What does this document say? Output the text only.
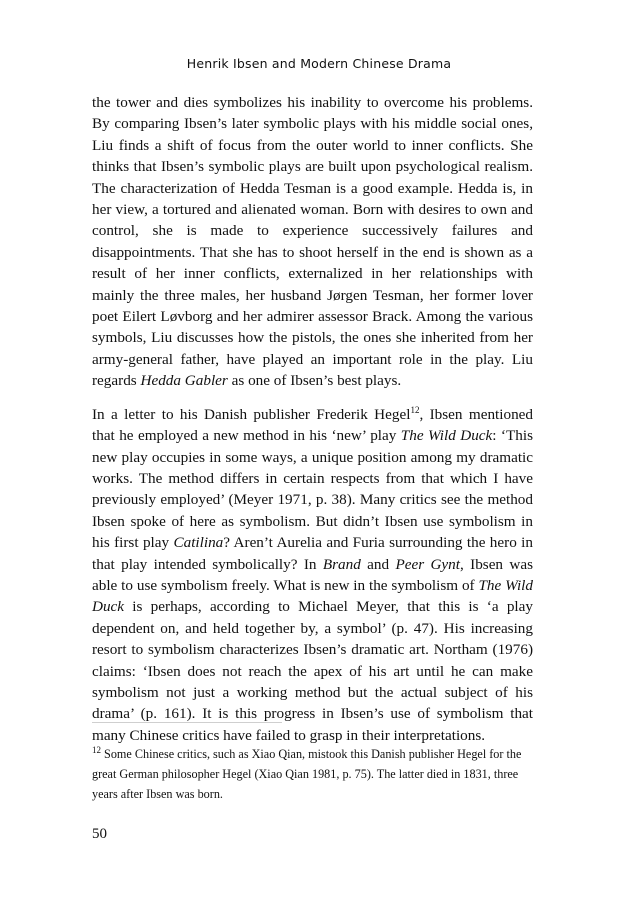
Henrik Ibsen and Modern Chinese Drama

the tower and dies symbolizes his inability to overcome his problems. By comparing Ibsen’s later symbolic plays with his middle social ones, Liu finds a shift of focus from the outer world to inner conflicts. She thinks that Ibsen’s symbolic plays are built upon psychological realism. The characterization of Hedda Tesman is a good example. Hedda is, in her view, a tortured and alienated woman. Born with desires to own and control, she is made to experience successively failures and disappointments. That she has to shoot herself in the end is shown as a result of her inner conflicts, externalized in her relationships with mainly the three males, her husband Jørgen Tesman, her former lover poet Eilert Løvborg and her admirer assessor Brack. Among the various symbols, Liu discusses how the pistols, the ones she inherited from her army-general father, have played an important role in the play. Liu regards Hedda Gabler as one of Ibsen’s best plays.

In a letter to his Danish publisher Frederik Hegel$^{12}$, Ibsen mentioned that he employed a new method in his ‘new’ play The Wild Duck: ‘This new play occupies in some ways, a unique position among my dramatic works. The method differs in certain respects from that which I have previously employed’ (Meyer 1971, p. 38). Many critics see the method Ibsen spoke of here as symbolism. But didn’t Ibsen use symbolism in his first play Catilina? Aren’t Aurelia and Furia surrounding the hero in that play intended symbolically? In Brand and Peer Gynt, Ibsen was able to use symbolism freely. What is new in the symbolism of The Wild Duck is perhaps, according to Michael Meyer, that this is ‘a play dependent on, and held together by, a symbol’ (p. 47). His increasing resort to symbolism characterizes Ibsen’s dramatic art. Northam (1976) claims: ‘Ibsen does not reach the apex of his art until he can make symbolism not just a working method but the actual subject of his drama’ (p. 161). It is this progress in Ibsen’s use of symbolism that many Chinese critics have failed to grasp in their interpretations.

$^{12}$ Some Chinese critics, such as Xiao Qian, mistook this Danish publisher Hegel for the great German philosopher Hegel (Xiao Qian 1981, p. 75). The latter died in 1831, three years after Ibsen was born.

50
